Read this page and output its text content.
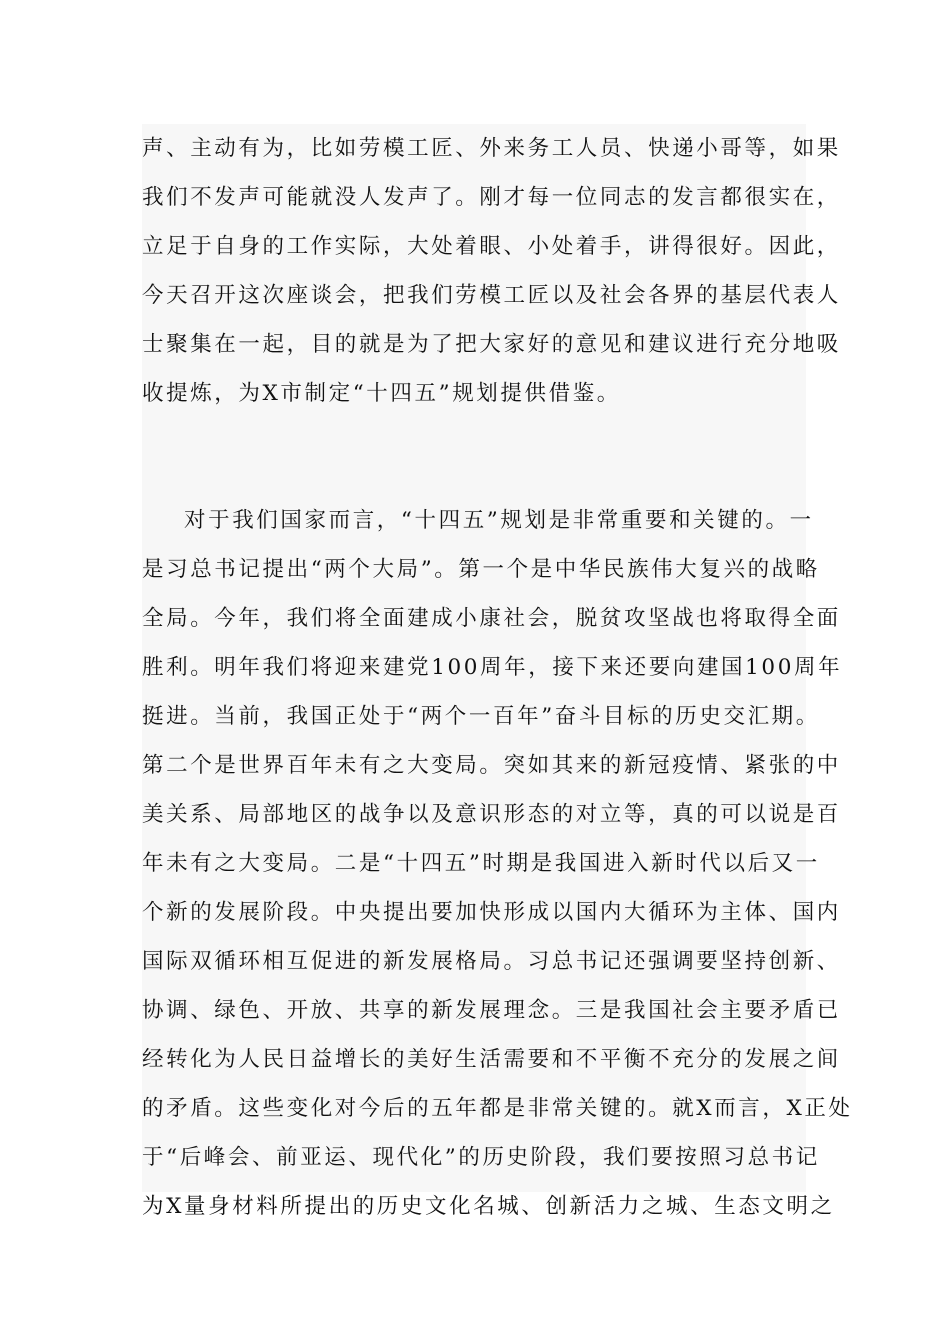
声、主动有为，比如劳模工匠、外来务工人员、快递小哥等，如果
我们不发声可能就没人发声了。刚才每一位同志的发言都很实在，
立足于自身的工作实际，大处着眼、小处着手，讲得很好。因此，
今天召开这次座谈会，把我们劳模工匠以及社会各界的基层代表人
士聚集在一起，目的就是为了把大家好的意见和建议进行充分地吸
收提炼，为X市制定“十四五”规划提供借鉴。
对于我们国家而言，“十四五”规划是非常重要和关键的。一
是习总书记提出“两个大局”。第一个是中华民族伟大复兴的战略
全局。今年，我们将全面建成小康社会，脱贫攻坚战也将取得全面
胜利。明年我们将迎来建党100周年，接下来还要向建国100周年
挺进。当前，我国正处于“两个一百年”奋斗目标的历史交汇期。
第二个是世界百年未有之大变局。突如其来的新冠疫情、紧张的中
美关系、局部地区的战争以及意识形态的对立等，真的可以说是百
年未有之大变局。二是“十四五”时期是我国进入新时代以后又一
个新的发展阶段。中央提出要加快形成以国内大循环为主体、国内
国际双循环相互促进的新发展格局。习总书记还强调要坚持创新、
协调、绿色、开放、共享的新发展理念。三是我国社会主要矛盾已
经转化为人民日益增长的美好生活需要和不平衡不充分的发展之间
的矛盾。这些变化对今后的五年都是非常关键的。就X而言，X正处
于“后峰会、前亚运、现代化”的历史阶段，我们要按照习总书记
为X量身材料所提出的历史文化名城、创新活力之城、生态文明之
